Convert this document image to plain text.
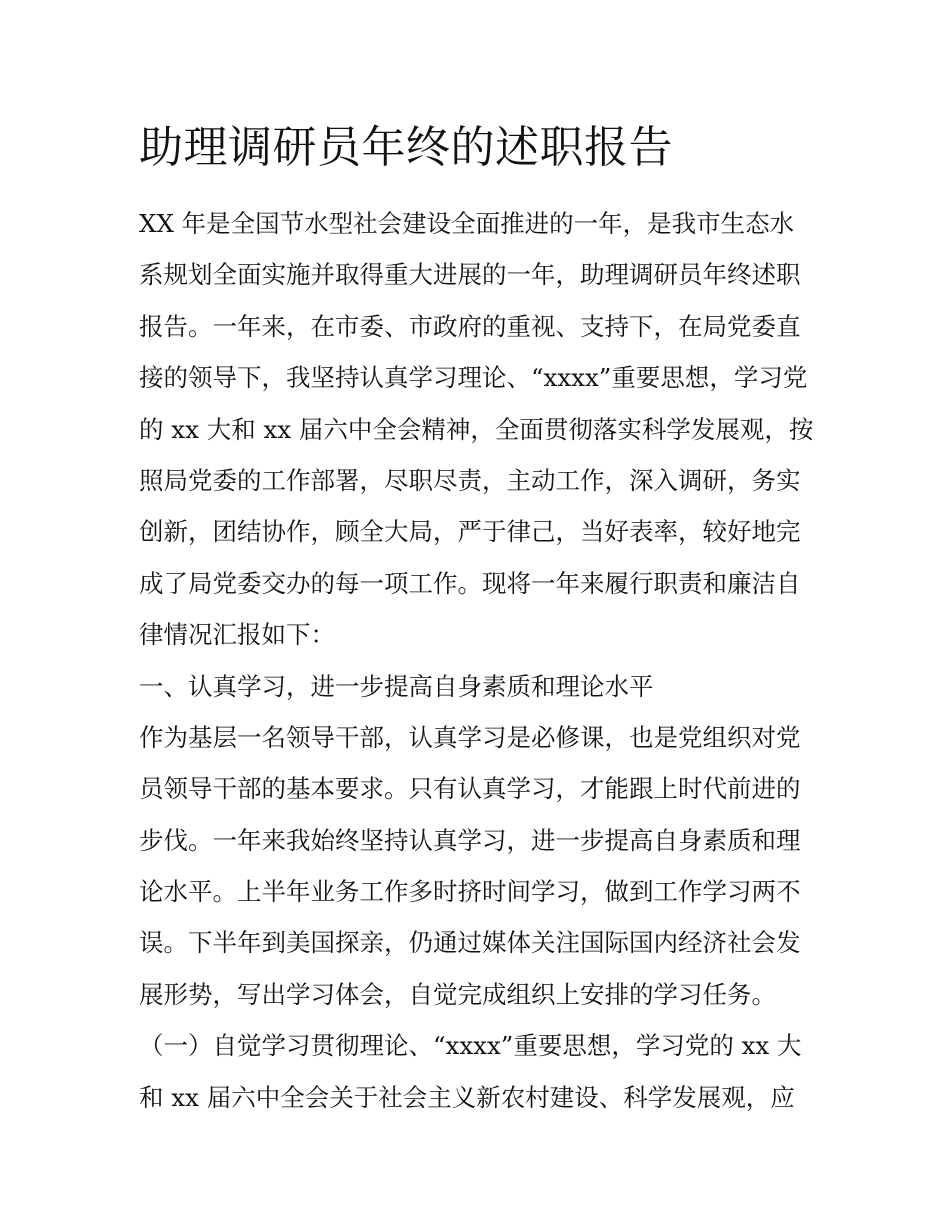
助理调研员年终的述职报告
XX 年是全国节水型社会建设全面推进的一年，是我市生态水
系规划全面实施并取得重大进展的一年，助理调研员年终述职
报告。一年来，在市委、市政府的重视、支持下，在局党委直
接的领导下，我坚持认真学习理论、“xxxx”重要思想，学习党
的 xx 大和 xx 届六中全会精神，全面贯彻落实科学发展观，按
照局党委的工作部署，尽职尽责，主动工作，深入调研，务实
创新，团结协作，顾全大局，严于律己，当好表率，较好地完
成了局党委交办的每一项工作。现将一年来履行职责和廉洁自
律情况汇报如下：
一、认真学习，进一步提高自身素质和理论水平
作为基层一名领导干部，认真学习是必修课，也是党组织对党
员领导干部的基本要求。只有认真学习，才能跟上时代前进的
步伐。一年来我始终坚持认真学习，进一步提高自身素质和理
论水平。上半年业务工作多时挤时间学习，做到工作学习两不
误。下半年到美国探亲，仍通过媒体关注国际国内经济社会发
展形势，写出学习体会，自觉完成组织上安排的学习任务。
（一）自觉学习贯彻理论、“xxxx”重要思想，学习党的 xx 大
和 xx 届六中全会关于社会主义新农村建设、科学发展观，应
